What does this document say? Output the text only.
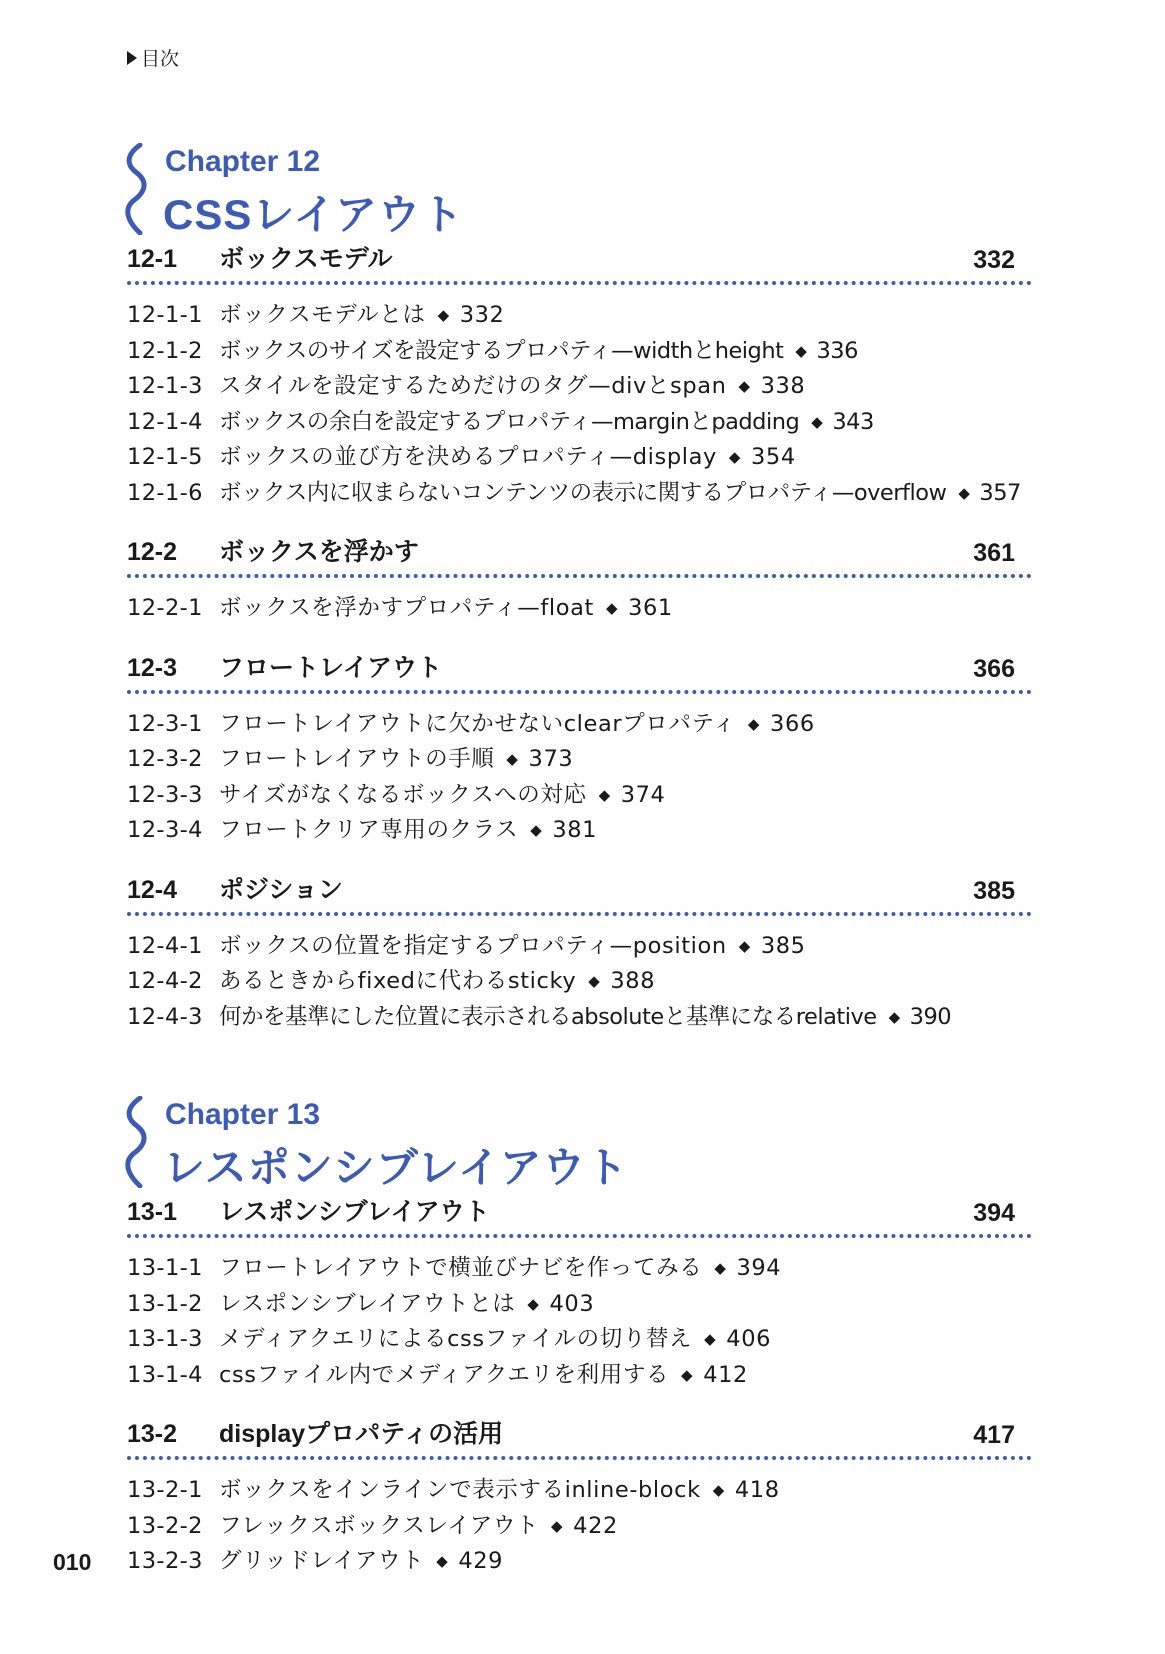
目次
Chapter 12
CSSレイアウト
12-1 ボックスモデル	332
12-1-1 ボックスモデルとは ◆ 332
12-1-2 ボックスのサイズを設定するプロパティ—widthとheight ◆ 336
12-1-3 スタイルを設定するためだけのタグ—divとspan ◆ 338
12-1-4 ボックスの余白を設定するプロパティ—marginとpadding ◆ 343
12-1-5 ボックスの並び方を決めるプロパティ—display ◆ 354
12-1-6 ボックス内に収まらないコンテンツの表示に関するプロパティ—overflow ◆ 357
12-2 ボックスを浮かす	361
12-2-1 ボックスを浮かすプロパティ—float ◆ 361
12-3 フロートレイアウト	366
12-3-1 フロートレイアウトに欠かせないclearプロパティ ◆ 366
12-3-2 フロートレイアウトの手順 ◆ 373
12-3-3 サイズがなくなるボックスへの対応 ◆ 374
12-3-4 フロートクリア専用のクラス ◆ 381
12-4 ポジション	385
12-4-1 ボックスの位置を指定するプロパティ—position ◆ 385
12-4-2 あるときからfixedに代わるsticky ◆ 388
12-4-3 何かを基準にした位置に表示されるabsoluteと基準になるrelative ◆ 390
Chapter 13
レスポンシブレイアウト
13-1 レスポンシブレイアウト	394
13-1-1 フロートレイアウトで横並びナビを作ってみる ◆ 394
13-1-2 レスポンシブレイアウトとは ◆ 403
13-1-3 メディアクエリによるcssファイルの切り替え ◆ 406
13-1-4 cssファイル内でメディアクエリを利用する ◆ 412
13-2 displayプロパティの活用	417
13-2-1 ボックスをインラインで表示するinline-block ◆ 418
13-2-2 フレックスボックスレイアウト ◆ 422
13-2-3 グリッドレイアウト ◆ 429
010
